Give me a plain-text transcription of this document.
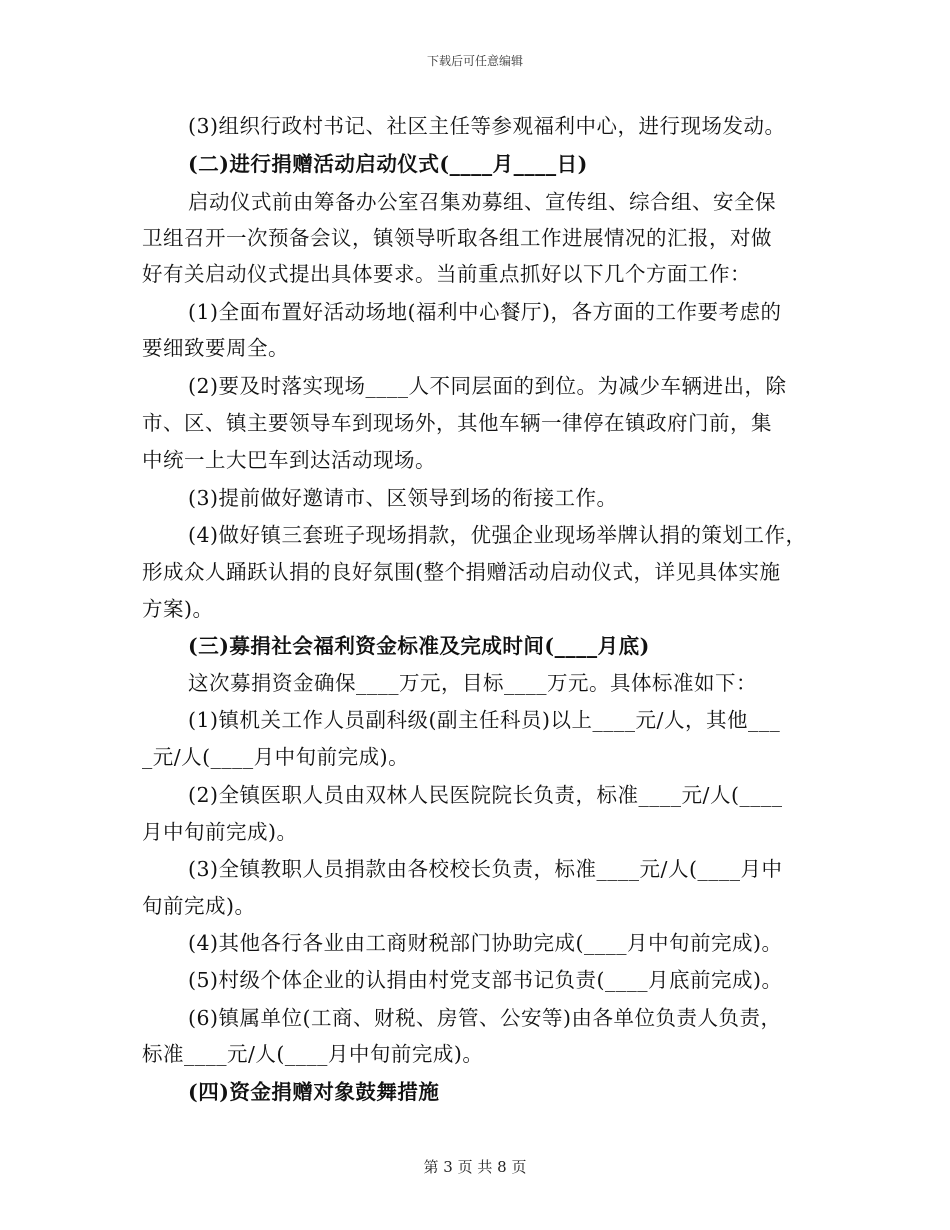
下载后可任意编辑
(3)组织行政村书记、社区主任等参观福利中心，进行现场发动。
(二)进行捐赠活动启动仪式(____月____日)
启动仪式前由筹备办公室召集劝募组、宣传组、综合组、安全保
卫组召开一次预备会议，镇领导听取各组工作进展情况的汇报，对做
好有关启动仪式提出具体要求。当前重点抓好以下几个方面工作：
(1)全面布置好活动场地(福利中心餐厅)，各方面的工作要考虑的
要细致要周全。
(2)要及时落实现场____人不同层面的到位。为减少车辆进出，除
市、区、镇主要领导车到现场外，其他车辆一律停在镇政府门前，集
中统一上大巴车到达活动现场。
(3)提前做好邀请市、区领导到场的衔接工作。
(4)做好镇三套班子现场捐款，优强企业现场举牌认捐的策划工作，
形成众人踊跃认捐的良好氛围(整个捐赠活动启动仪式，详见具体实施
方案)。
(三)募捐社会福利资金标准及完成时间(____月底)
这次募捐资金确保____万元，目标____万元。具体标准如下：
(1)镇机关工作人员副科级(副主任科员)以上____元/人，其他___
_元/人(____月中旬前完成)。
(2)全镇医职人员由双林人民医院院长负责，标准____元/人(____
月中旬前完成)。
(3)全镇教职人员捐款由各校校长负责，标准____元/人(____月中
旬前完成)。
(4)其他各行各业由工商财税部门协助完成(____月中旬前完成)。
(5)村级个体企业的认捐由村党支部书记负责(____月底前完成)。
(6)镇属单位(工商、财税、房管、公安等)由各单位负责人负责，
标准____元/人(____月中旬前完成)。
(四)资金捐赠对象鼓舞措施
第 3 页 共 8 页
